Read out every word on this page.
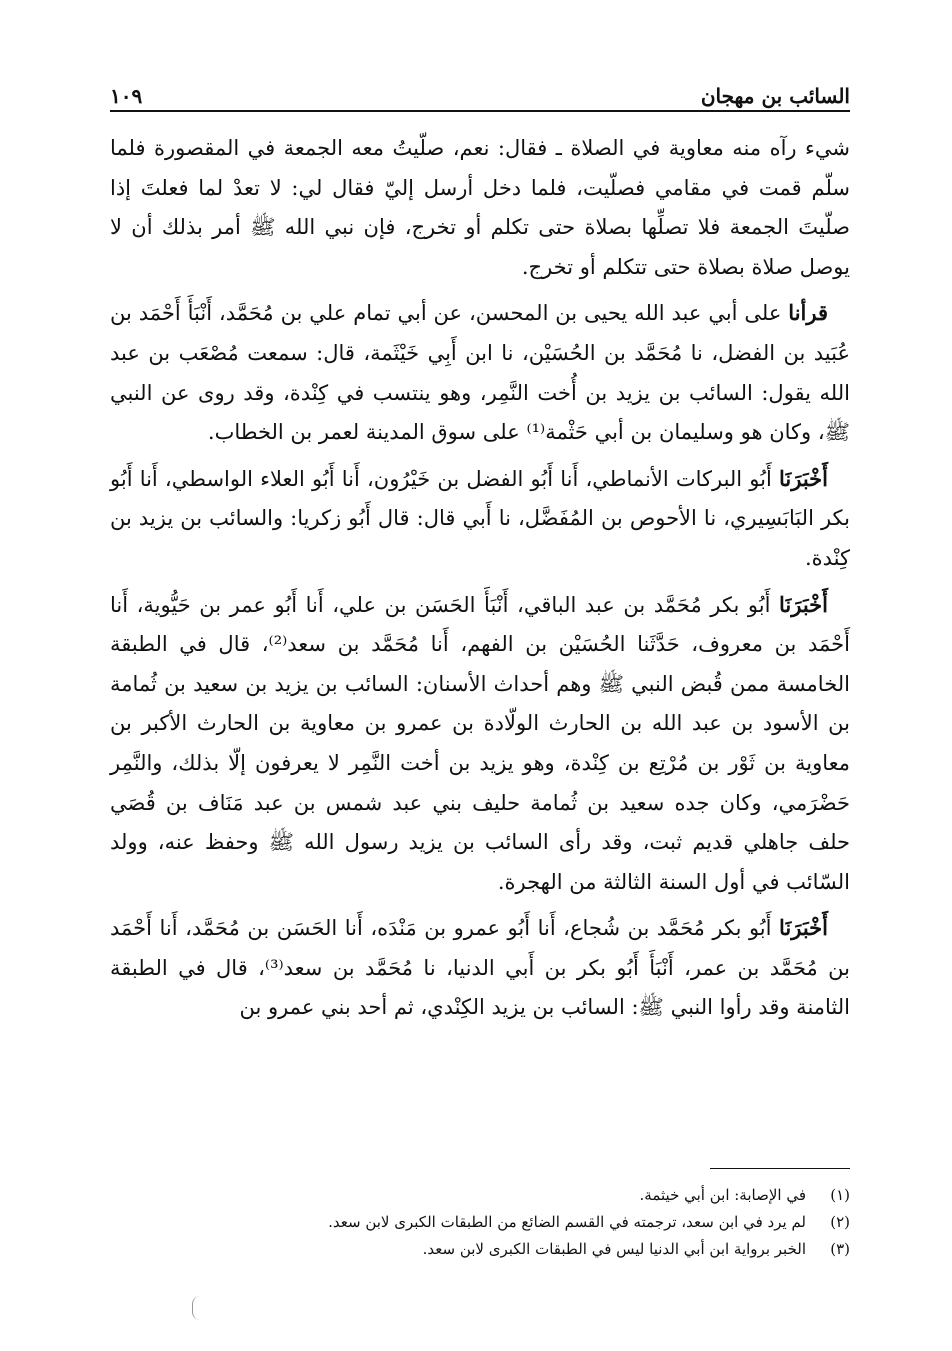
السائب بن مهجان
١٠٩

شيء رآه منه معاوية في الصلاة ـ فقال: نعم، صلّيتُ معه الجمعة في المقصورة فلما سلّم قمت في مقامي فصلّيت، فلما دخل أرسل إليّ فقال لي: لا تعدْ لما فعلتَ إذا صلّيتَ الجمعة فلا تصلِّها بصلاة حتى تكلم أو تخرج، فإن نبي الله ﷺ أمر بذلك أن لا يوصل صلاة بصلاة حتى تتكلم أو تخرج.

قرأنا على أبي عبد الله يحيى بن المحسن، عن أبي تمام علي بن مُحَمَّد، أَنْبَأَ أَحْمَد بن عُبَيد بن الفضل، نا مُحَمَّد بن الحُسَيْن، نا ابن أَبِي خَيْثَمة، قال: سمعت مُصْعَب بن عبد الله يقول: السائب بن يزيد بن أُخت النَّمِر، وهو ينتسب في كِنْدة، وقد روى عن النبي ﷺ، وكان هو وسليمان بن أبي حَثْمة⁽¹⁾ على سوق المدينة لعمر بن الخطاب.

أَخْبَرَنَا أَبُو البركات الأنماطي، أَنا أَبُو الفضل بن خَيْرُون، أَنا أَبُو العلاء الواسطي، أَنا أَبُو بكر البَابَسِيري، نا الأحوص بن المُفَضَّل، نا أَبي قال: قال أَبُو زكريا: والسائب بن يزيد بن كِنْدة.

أَخْبَرَنَا أَبُو بكر مُحَمَّد بن عبد الباقي، أَنْبَأَ الحَسَن بن علي، أَنا أَبُو عمر بن حَيُّوية، أَنا أَحْمَد بن معروف، حَدَّثَنا الحُسَيْن بن الفهم، أَنا مُحَمَّد بن سعد⁽²⁾، قال في الطبقة الخامسة ممن قُبض النبي ﷺ وهم أحداث الأسنان: السائب بن يزيد بن سعيد بن ثُمامة بن الأسود بن عبد الله بن الحارث الولّادة بن عمرو بن معاوية بن الحارث الأكبر بن معاوية بن ثَوْر بن مُرْتِع بن كِنْدة، وهو يزيد بن أخت النَّمِر لا يعرفون إلّا بذلك، والنَّمِر حَضْرَمي، وكان جده سعيد بن ثُمامة حليف بني عبد شمس بن عبد مَنَاف بن قُصَي حلف جاهلي قديم ثبت، وقد رأى السائب بن يزيد رسول الله ﷺ وحفظ عنه، وولد السّائب في أول السنة الثالثة من الهجرة.

أَخْبَرَنَا أَبُو بكر مُحَمَّد بن شُجاع، أَنا أَبُو عمرو بن مَنْدَه، أَنا الحَسَن بن مُحَمَّد، أَنا أَحْمَد بن مُحَمَّد بن عمر، أَنْبَأَ أَبُو بكر بن أَبي الدنيا، نا مُحَمَّد بن سعد⁽³⁾، قال في الطبقة الثامنة وقد رأوا النبي ﷺ: السائب بن يزيد الكِنْدي، ثم أحد بني عمرو بن

(١)في الإصابة: ابن أبي خيثمة.
(٢)لم يرد في ابن سعد، ترجمته في القسم الضائع من الطبقات الكبرى لابن سعد.
(٣)الخبر برواية ابن أبي الدنيا ليس في الطبقات الكبرى لابن سعد.
